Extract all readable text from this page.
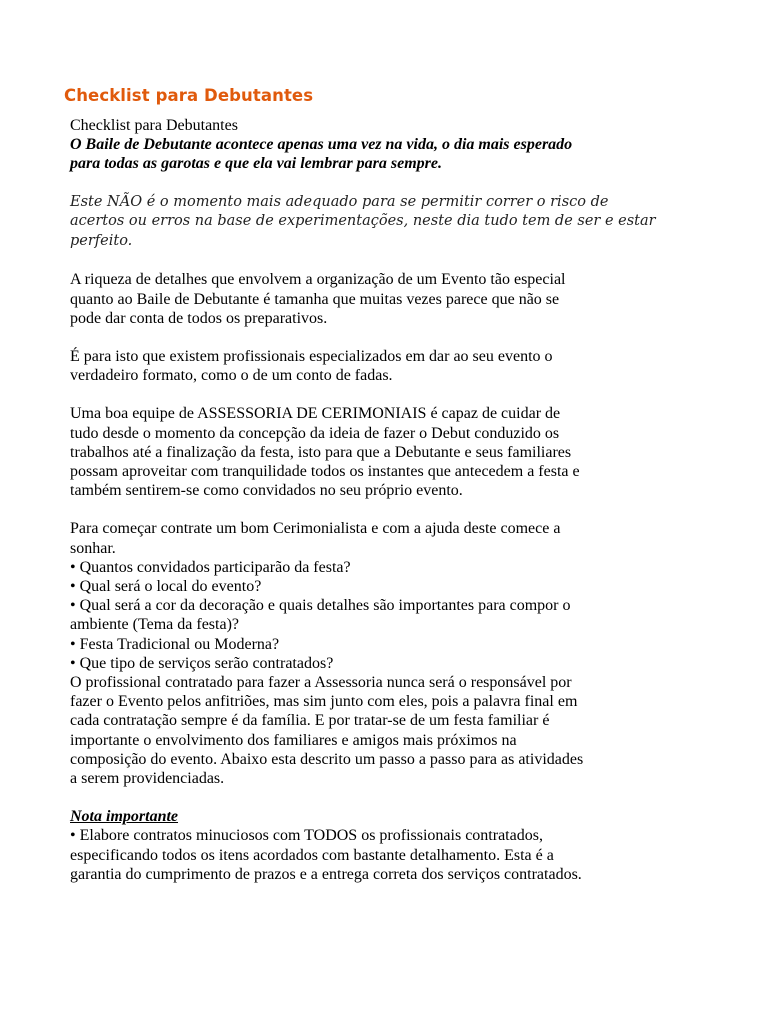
Checklist para Debutantes

Checklist para Debutantes

O Baile de Debutante acontece apenas uma vez na vida, o dia mais esperado
para todas as garotas e que ela vai lembrar para sempre.

Este NÃO é o momento mais adequado para se permitir correr o risco de
acertos ou erros na base de experimentações, neste dia tudo tem de ser e estar
perfeito.

A riqueza de detalhes que envolvem a organização de um Evento tão especial
quanto ao Baile de Debutante é tamanha que muitas vezes parece que não se
pode dar conta de todos os preparativos.

É para isto que existem profissionais especializados em dar ao seu evento o
verdadeiro formato, como o de um conto de fadas.

Uma boa equipe de ASSESSORIA DE CERIMONIAIS é capaz de cuidar de
tudo desde o momento da concepção da ideia de fazer o Debut conduzido os
trabalhos até a finalização da festa, isto para que a Debutante e seus familiares
possam aproveitar com tranquilidade todos os instantes que antecedem a festa e
também sentirem-se como convidados no seu próprio evento.

Para começar contrate um bom Cerimonialista e com a ajuda deste comece a
sonhar.

• Quantos convidados participarão da festa?
• Qual será o local do evento?
• Qual será a cor da decoração e quais detalhes são importantes para compor o
ambiente (Tema da festa)?
• Festa Tradicional ou Moderna?
• Que tipo de serviços serão contratados?

O profissional contratado para fazer a Assessoria nunca será o responsável por
fazer o Evento pelos anfitriões, mas sim junto com eles, pois a palavra final em
cada contratação sempre é da família. E por tratar-se de um festa familiar é
importante o envolvimento dos familiares e amigos mais próximos na
composição do evento. Abaixo esta descrito um passo a passo para as atividades
a serem providenciadas.

Nota importante

• Elabore contratos minuciosos com TODOS os profissionais contratados,
especificando todos os itens acordados com bastante detalhamento. Esta é a
garantia do cumprimento de prazos e a entrega correta dos serviços contratados.
